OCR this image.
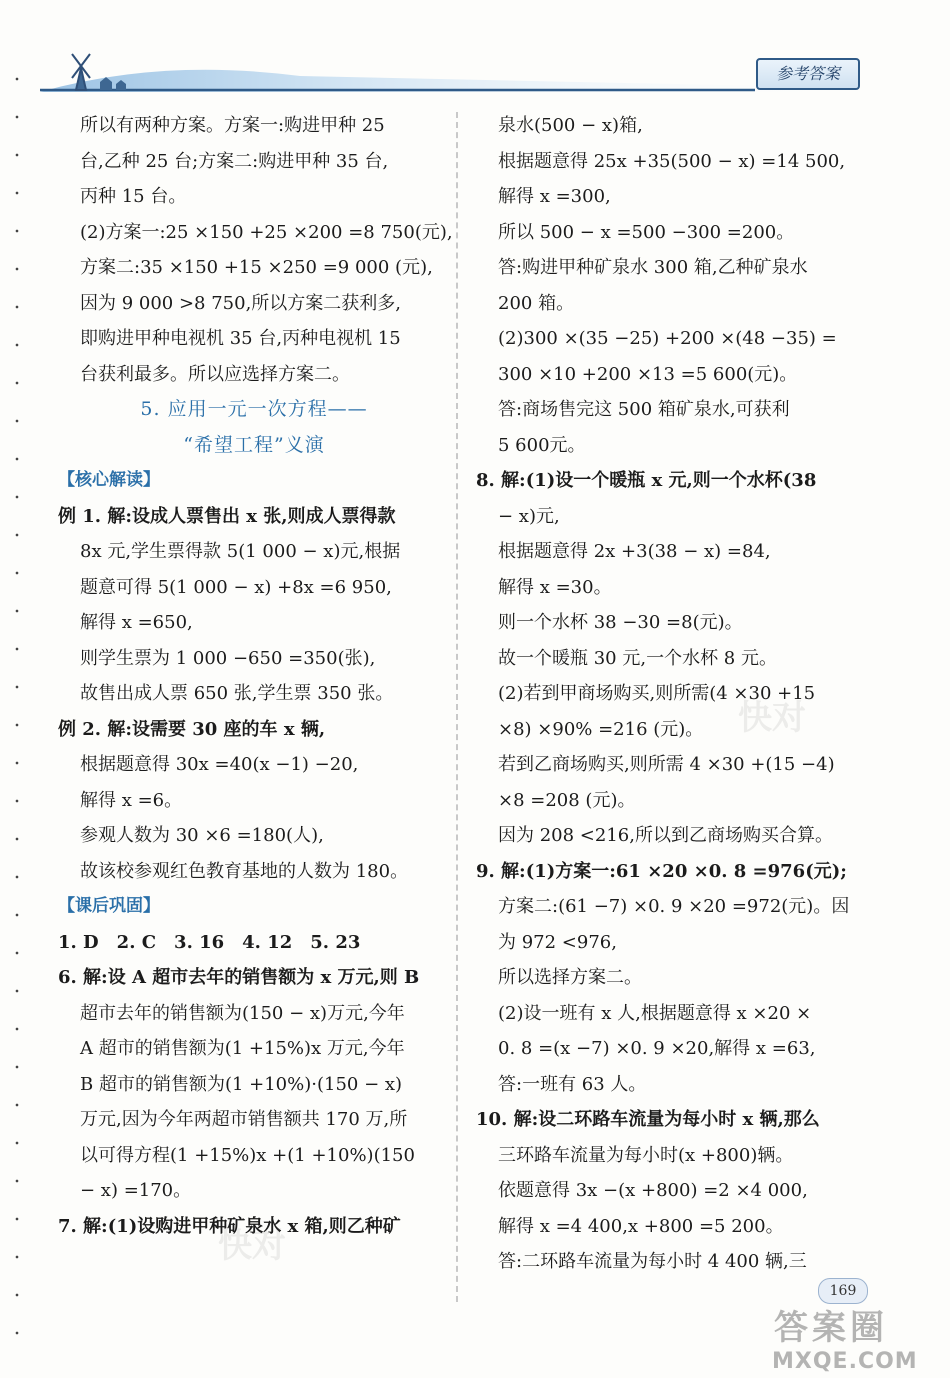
参考答案
所以有两种方案。方案一:购进甲种 25
台,乙种 25 台;方案二:购进甲种 35 台,
丙种 15 台。
(2)方案一:25 ×150 +25 ×200 =8 750(元),
方案二:35 ×150 +15 ×250 =9 000 (元),
因为 9 000 >8 750,所以方案二获利多,
即购进甲种电视机 35 台,丙种电视机 15
台获利最多。所以应选择方案二。
5. 应用一元一次方程——
“希望工程”义演
【核心解读】
例 1. 解:设成人票售出 x 张,则成人票得款
8x 元,学生票得款 5(1 000 − x)元,根据
题意可得 5(1 000 − x) +8x =6 950,
解得 x =650,
则学生票为 1 000 −650 =350(张),
故售出成人票 650 张,学生票 350 张。
例 2. 解:设需要 30 座的车 x 辆,
根据题意得 30x =40(x −1) −20,
解得 x =6。
参观人数为 30 ×6 =180(人),
故该校参观红色教育基地的人数为 180。
【课后巩固】
1. D　2. C　3. 16　4. 12　5. 23
6. 解:设 A 超市去年的销售额为 x 万元,则 B
超市去年的销售额为(150 − x)万元,今年
A 超市的销售额为(1 +15%)x 万元,今年
B 超市的销售额为(1 +10%)·(150 − x)
万元,因为今年两超市销售额共 170 万,所
以可得方程(1 +15%)x +(1 +10%)(150
− x) =170。
7. 解:(1)设购进甲种矿泉水 x 箱,则乙种矿
泉水(500 − x)箱,
根据题意得 25x +35(500 − x) =14 500,
解得 x =300,
所以 500 − x =500 −300 =200。
答:购进甲种矿泉水 300 箱,乙种矿泉水
200 箱。
(2)300 ×(35 −25) +200 ×(48 −35) =
300 ×10 +200 ×13 =5 600(元)。
答:商场售完这 500 箱矿泉水,可获利
5 600元。
8. 解:(1)设一个暖瓶 x 元,则一个水杯(38
− x)元,
根据题意得 2x +3(38 − x) =84,
解得 x =30。
则一个水杯 38 −30 =8(元)。
故一个暖瓶 30 元,一个水杯 8 元。
(2)若到甲商场购买,则所需(4 ×30 +15
×8) ×90% =216 (元)。
若到乙商场购买,则所需 4 ×30 +(15 −4)
×8 =208 (元)。
因为 208 <216,所以到乙商场购买合算。
9. 解:(1)方案一:61 ×20 ×0. 8 =976(元);
方案二:(61 −7) ×0. 9 ×20 =972(元)。因
为 972 <976,
所以选择方案二。
(2)设一班有 x 人,根据题意得 x ×20 ×
0. 8 =(x −7) ×0. 9 ×20,解得 x =63,
答:一班有 63 人。
10. 解:设二环路车流量为每小时 x 辆,那么
三环路车流量为每小时(x +800)辆。
依题意得 3x −(x +800) =2 ×4 000,
解得 x =4 400,x +800 =5 200。
答:二环路车流量为每小时 4 400 辆,三
快对
快对
169
答案圈
MXQE.COM
